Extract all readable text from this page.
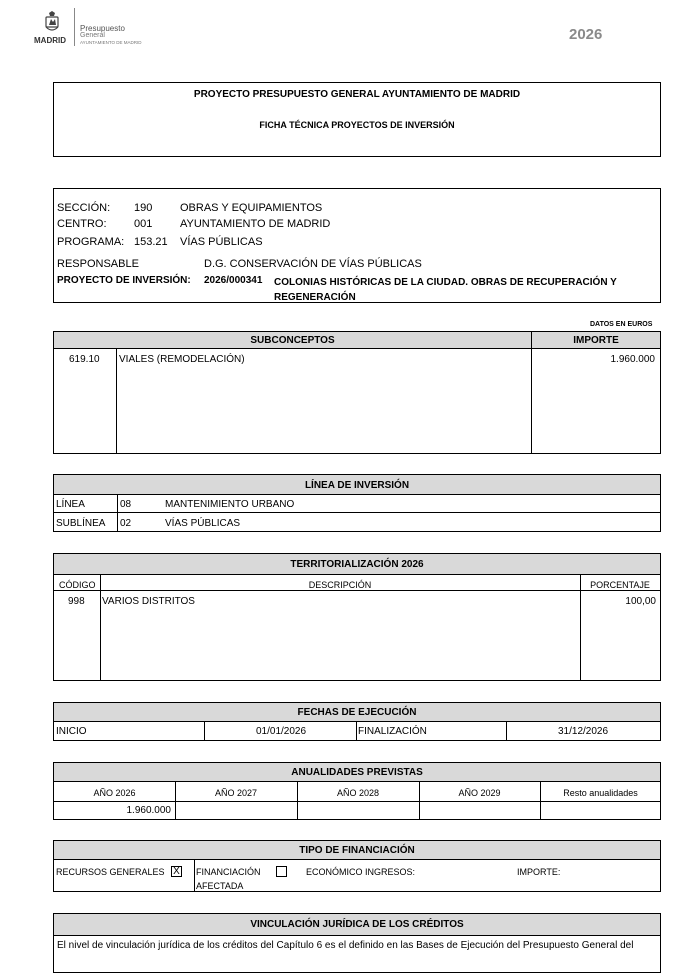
MADRID
Presupuesto
General
AYUNTAMIENTO DE MADRID	2026
PROYECTO PRESUPUESTO GENERAL AYUNTAMIENTO DE MADRID
FICHA TÉCNICA PROYECTOS DE INVERSIÓN
SECCIÓN: 190	OBRAS Y EQUIPAMIENTOS
CENTRO:	001	AYUNTAMIENTO DE MADRID
PROGRAMA: 153.21 VÍAS PÚBLICAS
RESPONSABLE	D.G. CONSERVACIÓN DE VÍAS PÚBLICAS
PROYECTO DE INVERSIÓN: 2026/000341 COLONIAS HISTÓRICAS DE LA CIUDAD. OBRAS DE RECUPERACIÓN Y REGENERACIÓN
DATOS EN EUROS
SUBCONCEPTOS	IMPORTE
619.10 VIALES (REMODELACIÓN)	1.960.000
LÍNEA DE INVERSIÓN
LÍNEA	08	MANTENIMIENTO URBANO
SUBLÍNEA 02	VÍAS PÚBLICAS
TERRITORIALIZACIÓN 2026
CÓDIGO	DESCRIPCIÓN	PORCENTAJE
998 VARIOS DISTRITOS	100,00
FECHAS DE EJECUCIÓN
INICIO	01/01/2026	FINALIZACIÓN	31/12/2026
ANUALIDADES PREVISTAS
AÑO 2026	AÑO 2027	AÑO 2028	AÑO 2029	Resto anualidades
1.960.000
TIPO DE FINANCIACIÓN
RECURSOS GENERALES X FINANCIACIÓN
AFECTADA
ECONÓMICO INGRESOS:	IMPORTE:
VINCULACIÓN JURÍDICA DE LOS CRÉDITOS
El nivel de vinculación jurídica de los créditos del Capítulo 6 es el definido en las Bases de Ejecución del Presupuesto General del
